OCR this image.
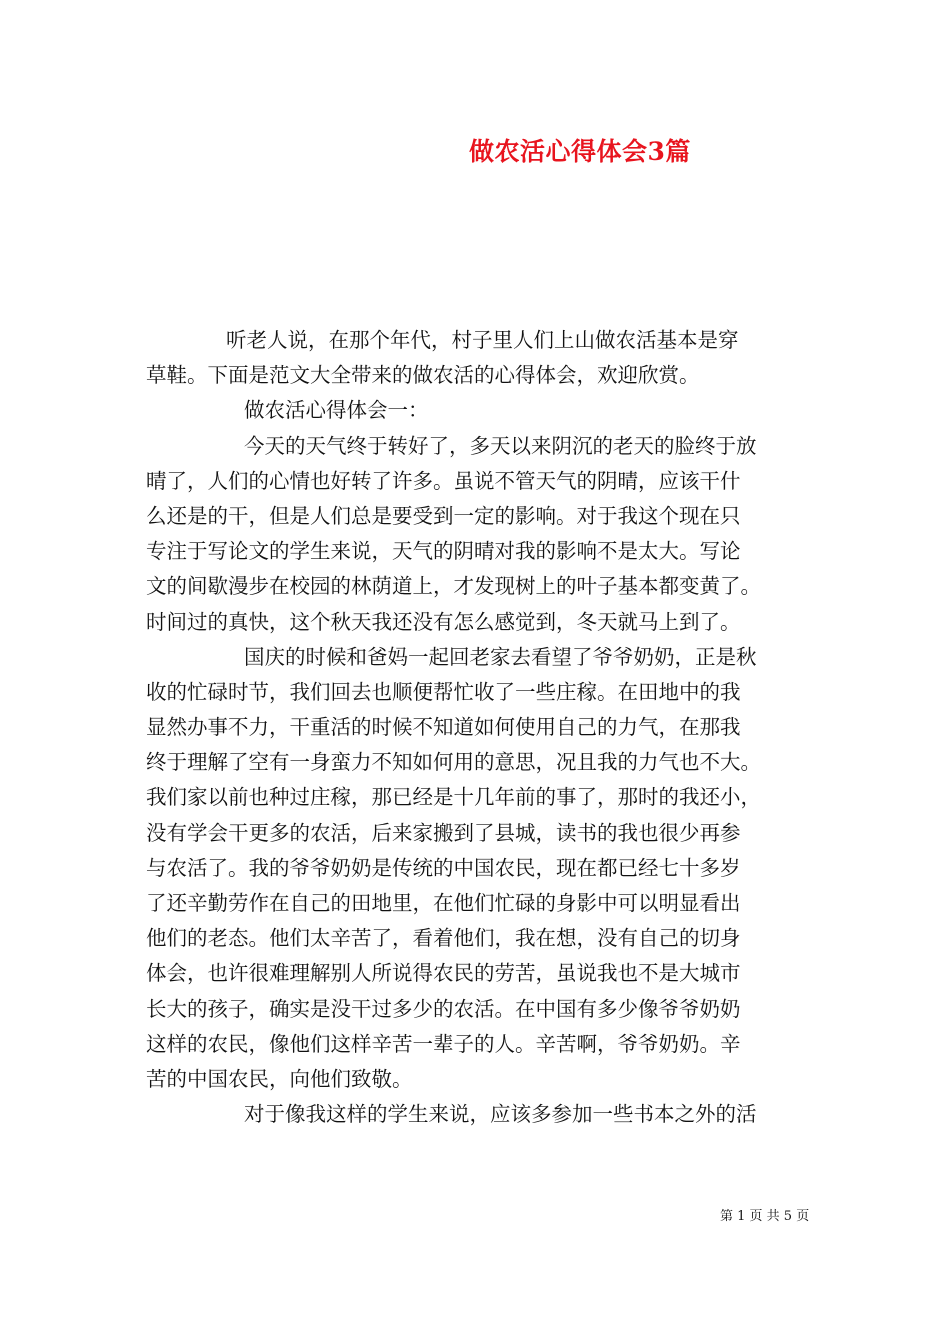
做农活心得体会3篇
听老人说，在那个年代，村子里人们上山做农活基本是穿
草鞋。下面是范文大全带来的做农活的心得体会，欢迎欣赏。
做农活心得体会一：
今天的天气终于转好了，多天以来阴沉的老天的脸终于放
晴了，人们的心情也好转了许多。虽说不管天气的阴晴，应该干什
么还是的干，但是人们总是要受到一定的影响。对于我这个现在只
专注于写论文的学生来说，天气的阴晴对我的影响不是太大。写论
文的间歇漫步在校园的林荫道上，才发现树上的叶子基本都变黄了。
时间过的真快，这个秋天我还没有怎么感觉到，冬天就马上到了。
国庆的时候和爸妈一起回老家去看望了爷爷奶奶，正是秋
收的忙碌时节，我们回去也顺便帮忙收了一些庄稼。在田地中的我
显然办事不力，干重活的时候不知道如何使用自己的力气，在那我
终于理解了空有一身蛮力不知如何用的意思，况且我的力气也不大。
我们家以前也种过庄稼，那已经是十几年前的事了，那时的我还小，
没有学会干更多的农活，后来家搬到了县城，读书的我也很少再参
与农活了。我的爷爷奶奶是传统的中国农民，现在都已经七十多岁
了还辛勤劳作在自己的田地里，在他们忙碌的身影中可以明显看出
他们的老态。他们太辛苦了，看着他们，我在想，没有自己的切身
体会，也许很难理解别人所说得农民的劳苦，虽说我也不是大城市
长大的孩子，确实是没干过多少的农活。在中国有多少像爷爷奶奶
这样的农民，像他们这样辛苦一辈子的人。辛苦啊，爷爷奶奶。辛
苦的中国农民，向他们致敬。
对于像我这样的学生来说，应该多参加一些书本之外的活
第 1 页 共 5 页
